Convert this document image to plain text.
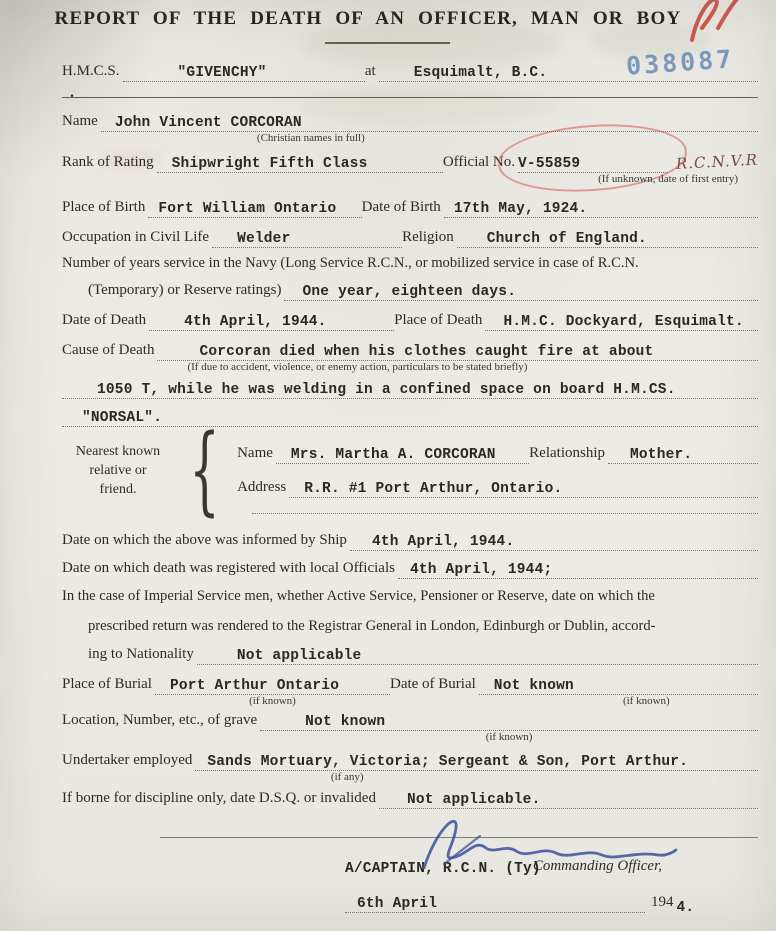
REPORT OF THE DEATH OF AN OFFICER, MAN OR BOY
038087
H.M.C.S.	"GIVENCHY"	at	Esquimalt, B.C.
.
Name	John Vincent CORCORAN
(Christian names in full)
Rank of Rating	Shipwright Fifth Class	Official No. V-55859
(If unknown, date of first entry)
R.C.N.V.R
Place of Birth Fort William Ontario	Date of Birth 17th May, 1924.
Occupation in Civil Life	Welder	Religion	Church of England.
Number of years service in the Navy (Long Service R.C.N., or mobilized service in case of R.C.N.
(Temporary) or Reserve ratings)	One year, eighteen days.
Date of Death	4th April, 1944.	Place of Death	H.M.C. Dockyard, Esquimalt.
Cause of Death	Corcoran died when his clothes caught fire at about
(If due to accident, violence, or enemy action, particulars to be stated briefly)
1050 T, while he was welding in a confined space on board H.M.CS.
"NORSAL".
Nearest known
relative or
friend. { Name	Mrs. Martha A. CORCORAN	Relationship	Mother.
Address	R.R. #1 Port Arthur, Ontario.
Date on which the above was informed by Ship	4th April, 1944.
Date on which death was registered with local Officials	4th April, 1944;
In the case of Imperial Service men, whether Active Service, Pensioner or Reserve, date on which the
prescribed return was rendered to the Registrar General in London, Edinburgh or Dublin, accord-
ing to Nationality	Not applicable
Place of Burial	Port Arthur Ontario
(if known)
Date of Burial	Not known
(if known)
Location, Number, etc., of grave	Not known
(if known)
Undertaker employed	Sands Mortuary, Victoria; Sergeant & Son, Port Arthur.
(if any)
If borne for discipline only, date D.S.Q. or invalided	Not applicable.
A/CAPTAIN, R.C.N. (Ty)
Commanding Officer,
6th April	194 4.
